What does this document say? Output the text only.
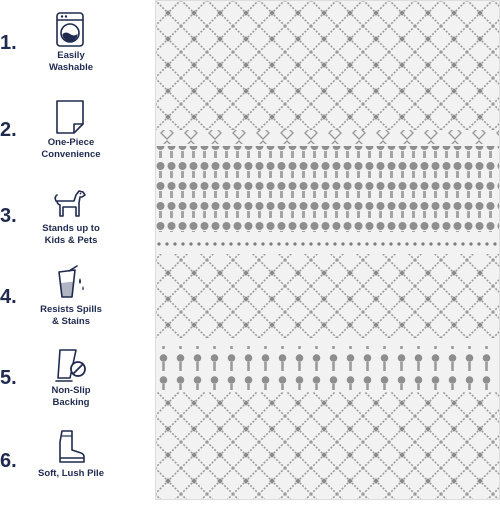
1.
Easily
Washable
2.
One-Piece
Convenience
3.
Stands up to
Kids & Pets
4.
Resists Spills
& Stains
5.
Non-Slip
Backing
6.
Soft, Lush Pile
